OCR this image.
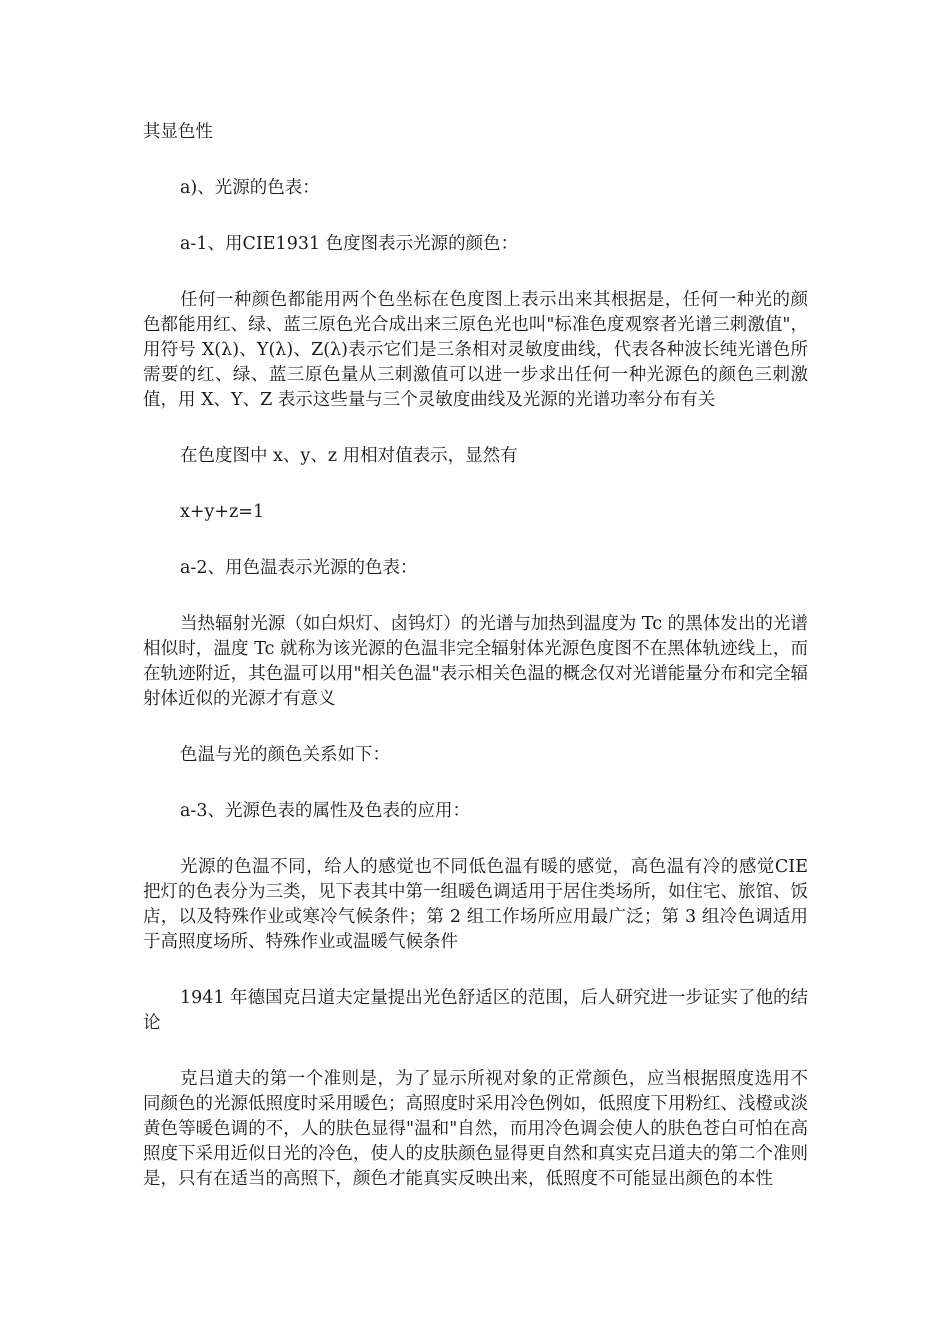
其显色性

a)、光源的色表：

a-1、用CIE1931 色度图表示光源的颜色：

任何一种颜色都能用两个色坐标在色度图上表示出来其根据是，任何一种光的颜色都能用红、绿、蓝三原色光合成出来三原色光也叫"标准色度观察者光谱三刺激值"，用符号 X(λ)、Y(λ)、Z(λ)表示它们是三条相对灵敏度曲线，代表各种波长纯光谱色所需要的红、绿、蓝三原色量从三刺激值可以进一步求出任何一种光源色的颜色三刺激值，用 X、Y、Z 表示这些量与三个灵敏度曲线及光源的光谱功率分布有关

在色度图中 x、y、z 用相对值表示，显然有

x+y+z=1

a-2、用色温表示光源的色表：

当热辐射光源（如白炽灯、卤钨灯）的光谱与加热到温度为 Tc 的黑体发出的光谱相似时，温度 Tc 就称为该光源的色温非完全辐射体光源色度图不在黑体轨迹线上，而在轨迹附近，其色温可以用"相关色温"表示相关色温的概念仅对光谱能量分布和完全辐射体近似的光源才有意义

色温与光的颜色关系如下：

a-3、光源色表的属性及色表的应用：

光源的色温不同，给人的感觉也不同低色温有暖的感觉，高色温有冷的感觉CIE 把灯的色表分为三类，见下表其中第一组暖色调适用于居住类场所，如住宅、旅馆、饭店，以及特殊作业或寒冷气候条件；第 2 组工作场所应用最广泛；第 3 组冷色调适用于高照度场所、特殊作业或温暖气候条件

1941 年德国克吕道夫定量提出光色舒适区的范围，后人研究进一步证实了他的结论

克吕道夫的第一个准则是，为了显示所视对象的正常颜色，应当根据照度选用不同颜色的光源低照度时采用暖色；高照度时采用冷色例如，低照度下用粉红、浅橙或淡黄色等暖色调的不，人的肤色显得"温和"自然，而用冷色调会使人的肤色苍白可怕在高照度下采用近似日光的冷色，使人的皮肤颜色显得更自然和真实克吕道夫的第二个准则是，只有在适当的高照下，颜色才能真实反映出来，低照度不可能显出颜色的本性
